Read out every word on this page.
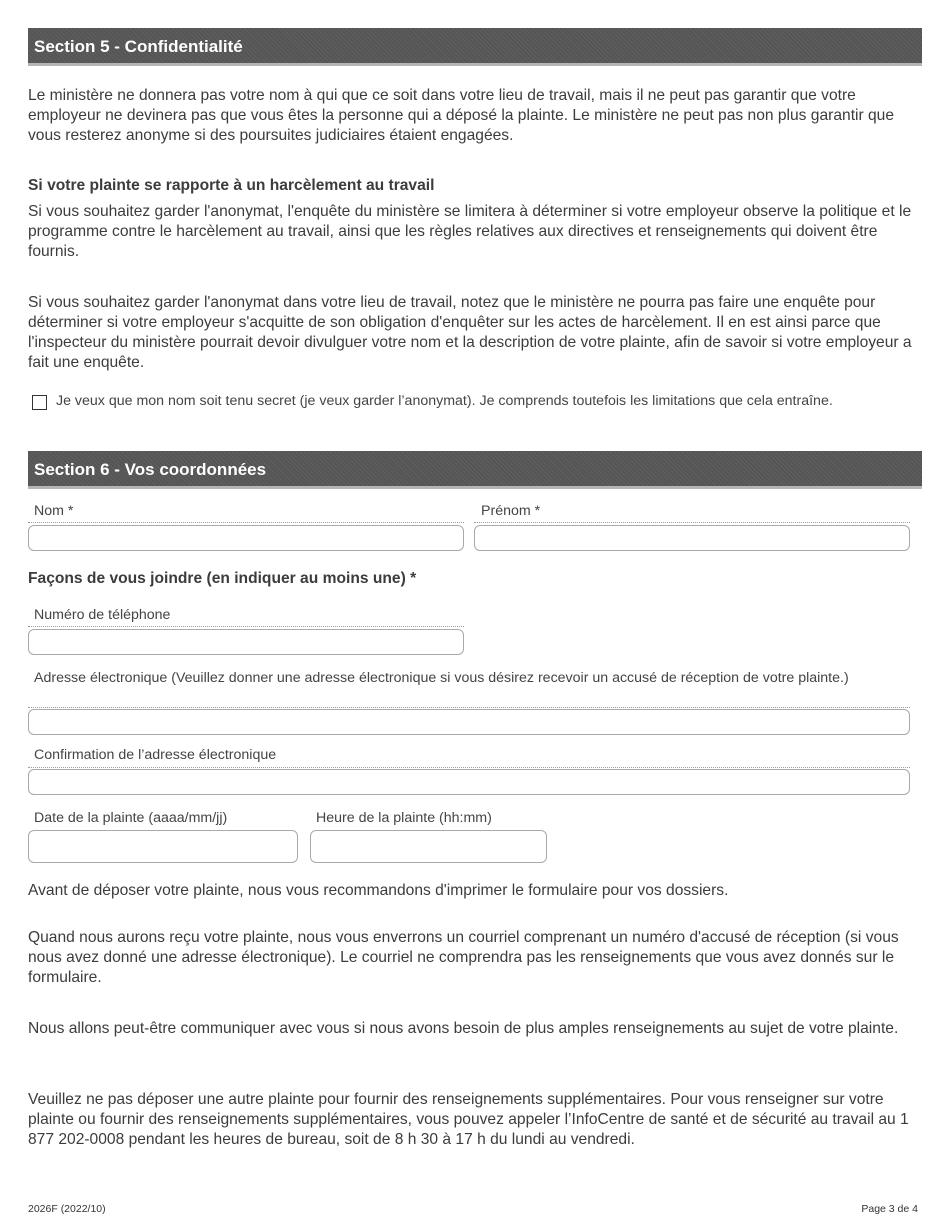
Section 5 - Confidentialité

Le ministère ne donnera pas votre nom à qui que ce soit dans votre lieu de travail, mais il ne peut pas garantir que votre employeur ne devinera pas que vous êtes la personne qui a déposé la plainte. Le ministère ne peut pas non plus garantir que vous resterez anonyme si des poursuites judiciaires étaient engagées.

Si votre plainte se rapporte à un harcèlement au travail

Si vous souhaitez garder l'anonymat, l'enquête du ministère se limitera à déterminer si votre employeur observe la politique et le programme contre le harcèlement au travail, ainsi que les règles relatives aux directives et renseignements qui doivent être fournis.

Si vous souhaitez garder l'anonymat dans votre lieu de travail, notez que le ministère ne pourra pas faire une enquête pour déterminer si votre employeur s'acquitte de son obligation d'enquêter sur les actes de harcèlement. Il en est ainsi parce que l'inspecteur du ministère pourrait devoir divulguer votre nom et la description de votre plainte, afin de savoir si votre employeur a fait une enquête.

Je veux que mon nom soit tenu secret (je veux garder l’anonymat). Je comprends toutefois les limitations que cela entraîne.
Section 6 - Vos coordonnées
Nom *	Prénom *
Façons de vous joindre (en indiquer au moins une) *
Numéro de téléphone
Adresse électronique (Veuillez donner une adresse électronique si vous désirez recevoir un accusé de réception de votre plainte.)
Confirmation de l’adresse électronique
Date de la plainte (aaaa/mm/jj)	Heure de la plainte (hh:mm)

Avant de déposer votre plainte, nous vous recommandons d'imprimer le formulaire pour vos dossiers.

Quand nous aurons reçu votre plainte, nous vous enverrons un courriel comprenant un numéro d'accusé de réception (si vous nous avez donné une adresse électronique). Le courriel ne comprendra pas les renseignements que vous avez donnés sur le formulaire.

Nous allons peut-être communiquer avec vous si nous avons besoin de plus amples renseignements au sujet de votre plainte.

Veuillez ne pas déposer une autre plainte pour fournir des renseignements supplémentaires. Pour vous renseigner sur votre plainte ou fournir des renseignements supplémentaires, vous pouvez appeler l’InfoCentre de santé et de sécurité au travail au 1 877 202-0008 pendant les heures de bureau, soit de 8 h 30 à 17 h du lundi au vendredi.

2026F (2022/10)	Page 3 de 4
